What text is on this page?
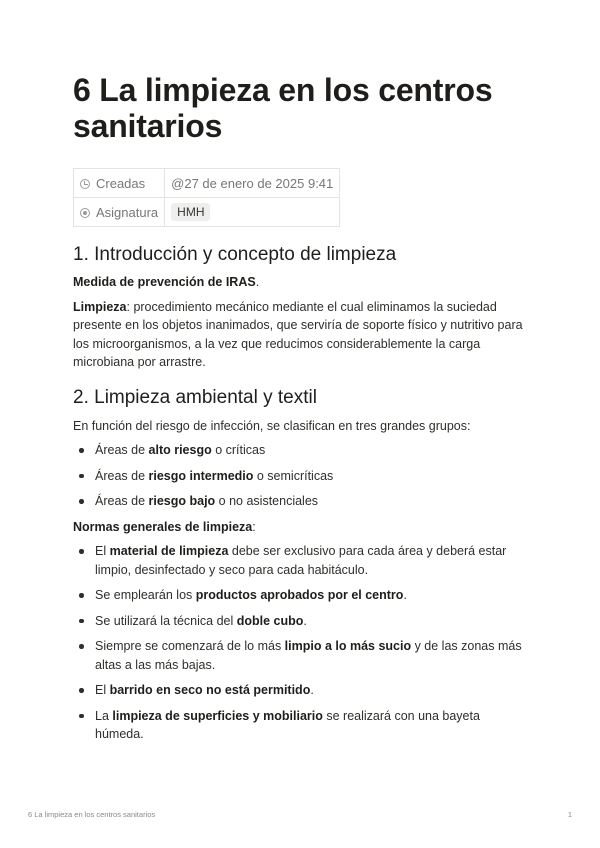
6 La limpieza en los centros sanitarios
Creadas	@27 de enero de 2025 9:41
Asignatura	HMH
1. Introducción y concepto de limpieza

Medida de prevención de IRAS.

Limpieza: procedimiento mecánico mediante el cual eliminamos la suciedad presente en los objetos inanimados, que serviría de soporte físico y nutritivo para los microorganismos, a la vez que reducimos considerablemente la carga microbiana por arrastre.

2. Limpieza ambiental y textil

En función del riesgo de infección, se clasifican en tres grandes grupos:

Áreas de alto riesgo o críticas
Áreas de riesgo intermedio o semicríticas
Áreas de riesgo bajo o no asistenciales

Normas generales de limpieza:

El material de limpieza debe ser exclusivo para cada área y deberá estar limpio, desinfectado y seco para cada habitáculo.
Se emplearán los productos aprobados por el centro.
Se utilizará la técnica del doble cubo.
Siempre se comenzará de lo más limpio a lo más sucio y de las zonas más altas a las más bajas.
El barrido en seco no está permitido.
La limpieza de superficies y mobiliario se realizará con una bayeta húmeda.
6 La limpieza en los centros sanitarios	1
